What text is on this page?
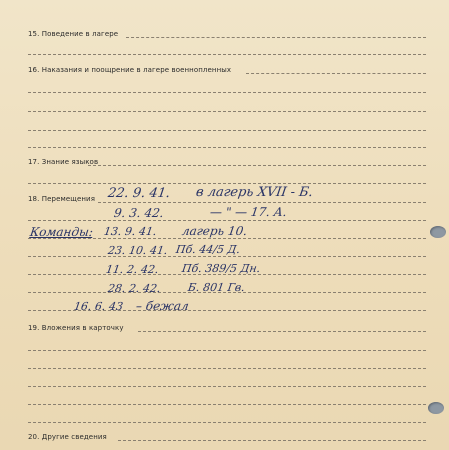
15. Поведение в лагере
16. Наказания и поощрение в лагере военнопленных
17. Знание языков
18. Перемещения
19. Вложения в карточку
20. Другие сведения
22. 9. 41. в лагерь XVII - Б.
9. 3. 42.	— " — 17. А.
Команды: 13. 9. 41. лагерь 10.
23. 10. 41. Пб. 44/5 Д.
11. 2. 42. Пб. 389/5 Дн.
28. 2. 42. Б. 801 Гв.
16. 6. 43 – бежал
